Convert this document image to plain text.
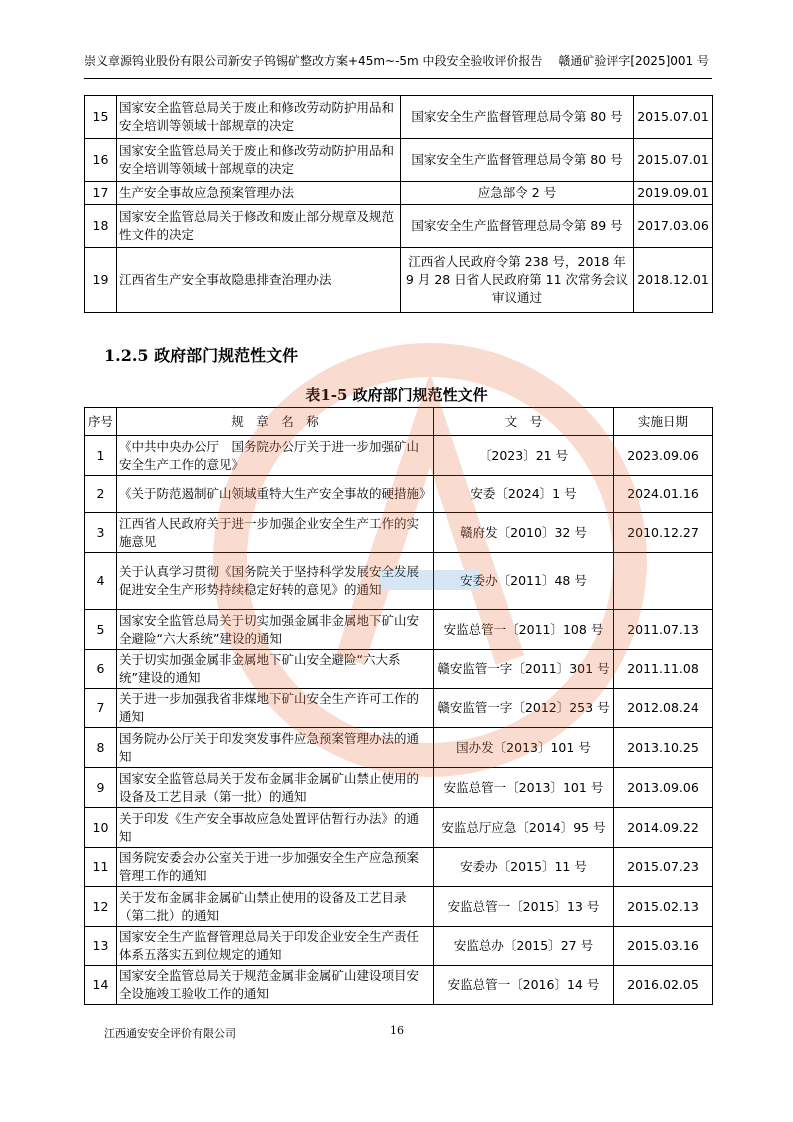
崇义章源钨业股份有限公司新安子钨锡矿整改方案+45m~-5m 中段安全验收评价报告　 赣通矿验评字[2025]001 号
15	国家安全监管总局关于废止和修改劳动防护用品和安全培训等领域十部规章的决定	国家安全生产监督管理总局令第 80 号	2015.07.01
16	国家安全监管总局关于废止和修改劳动防护用品和安全培训等领域十部规章的决定	国家安全生产监督管理总局令第 80 号	2015.07.01
17	生产安全事故应急预案管理办法	应急部令 2 号	2019.09.01
18	国家安全监管总局关于修改和废止部分规章及规范性文件的决定	国家安全生产监督管理总局令第 89 号	2017.03.06
19	江西省生产安全事故隐患排查治理办法	江西省人民政府令第 238 号，2018 年 9 月 28 日省人民政府第 11 次常务会议审议通过	2018.12.01
1.2.5 政府部门规范性文件
表1-5 政府部门规范性文件
序号	规　章　名　称	文　号	实施日期
1	《中共中央办公厅　国务院办公厅关于进一步加强矿山安全生产工作的意见》	〔2023〕21 号	2023.09.06
2	《关于防范遏制矿山领域重特大生产安全事故的硬措施》	安委〔2024〕1 号	2024.01.16
3	江西省人民政府关于进一步加强企业安全生产工作的实施意见	赣府发〔2010〕32 号	2010.12.27
4	关于认真学习贯彻《国务院关于坚持科学发展安全发展促进安全生产形势持续稳定好转的意见》的通知	安委办〔2011〕48 号	
5	国家安全监管总局关于切实加强金属非金属地下矿山安全避险“六大系统”建设的通知	安监总管一〔2011〕108 号	2011.07.13
6	关于切实加强金属非金属地下矿山安全避险“六大系统”建设的通知	赣安监管一字〔2011〕301 号	2011.11.08
7	关于进一步加强我省非煤地下矿山安全生产许可工作的通知	赣安监管一字〔2012〕253 号	2012.08.24
8	国务院办公厅关于印发突发事件应急预案管理办法的通知	国办发〔2013〕101 号	2013.10.25
9	国家安全监管总局关于发布金属非金属矿山禁止使用的设备及工艺目录（第一批）的通知	安监总管一〔2013〕101 号	2013.09.06
10	关于印发《生产安全事故应急处置评估暂行办法》的通知	安监总厅应急〔2014〕95 号	2014.09.22
11	国务院安委会办公室关于进一步加强安全生产应急预案管理工作的通知	安委办〔2015〕11 号	2015.07.23
12	关于发布金属非金属矿山禁止使用的设备及工艺目录（第二批）的通知	安监总管一〔2015〕13 号	2015.02.13
13	国家安全生产监督管理总局关于印发企业安全生产责任体系五落实五到位规定的通知	安监总办〔2015〕27 号	2015.03.16
14	国家安全监管总局关于规范金属非金属矿山建设项目安全设施竣工验收工作的通知	安监总管一〔2016〕14 号	2016.02.05
江西通安安全评价有限公司	16
